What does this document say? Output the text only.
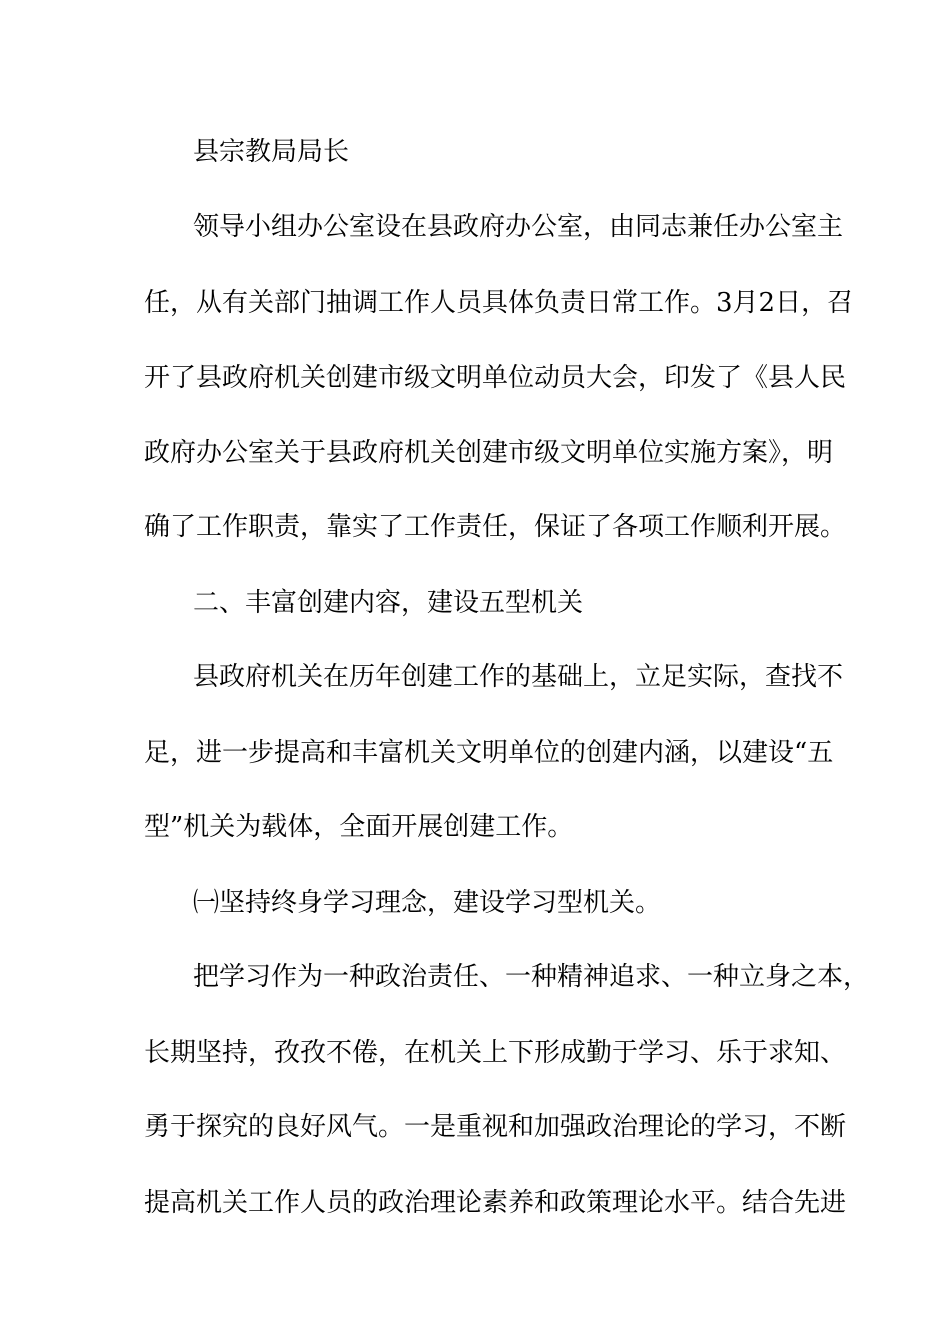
县宗教局局长
领导小组办公室设在县政府办公室，由同志兼任办公室主
任，从有关部门抽调工作人员具体负责日常工作。3月2日，召
开了县政府机关创建市级文明单位动员大会，印发了《县人民
政府办公室关于县政府机关创建市级文明单位实施方案》，明
确了工作职责，靠实了工作责任，保证了各项工作顺利开展。
二、丰富创建内容，建设五型机关
县政府机关在历年创建工作的基础上，立足实际，查找不
足，进一步提高和丰富机关文明单位的创建内涵，以建设“五
型”机关为载体，全面开展创建工作。
㈠坚持终身学习理念，建设学习型机关。
把学习作为一种政治责任、一种精神追求、一种立身之本，
长期坚持，孜孜不倦，在机关上下形成勤于学习、乐于求知、
勇于探究的良好风气。一是重视和加强政治理论的学习，不断
提高机关工作人员的政治理论素养和政策理论水平。结合先进
